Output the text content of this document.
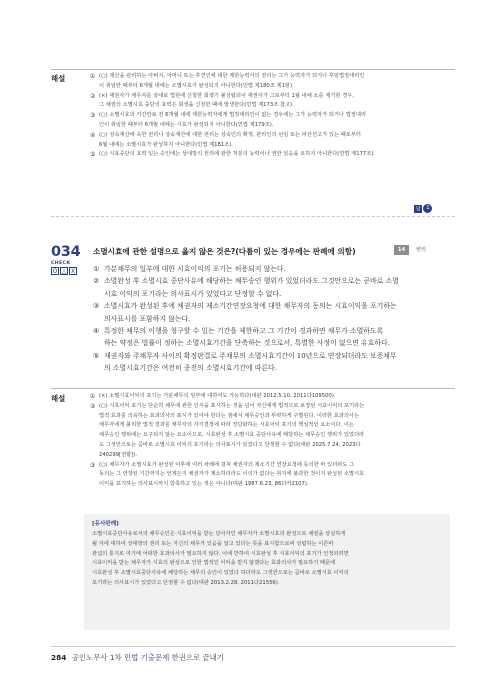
해설	① (○) 재산을 관리하는 아버지, 어머니 또는 후견인에 대한 제한능력자의 권리는 그가 능력자가 되거나 후임법정대리인
이 취임한 때부터 6개월 내에는 소멸시효가 완성되지 아니한다(민법 제180조 제1항).
② (×) 재권자가 채무자를 상대로 법원에 신청한 회생기 불성립되어 재권자가 그로부터 1월 내에 소를 제기한 경우,
그 채권의 소멸시효 중단의 효력은 회생을 신청한 때에 발생한다(민법 제173조 참고).
③ (○) 소멸시효의 기간만료 전 6개월 내에 제한능력자에게 법정대리인이 없는 경우에는 그가 능력자가 되거나 법정대리
인이 취임한 때부터 6개월 내에는 시효가 완성되지 아니한다(민법 제179조).
④ (○) 상속재산에 속한 권리나 상속재산에 대한 권리는 상속인의 확정, 관리인의 선임 또는 파산선고가 있는 때로부터
6월 내에는 소멸시효가 완성하지 아니한다(민법 제181조).
⑤ (○) 시효중단의 효력 있는 승인에는 상대방의 권리에 관한 처분의 능력이나 권한 있음을 요하지 아니한다(민법 제177조).
답	1
034
CHECK
O △ X
소멸시효에 관한 설명으로 옳지 않은 것은?(다툼이 있는 경우에는 판례에 의함)	14	변리
① 가분채무의 일부에 대한 시효이익의 포기는 허용되지 않는다.
② 소멸완성 후 소멸시효 중단사유에 해당하는 채무승인 행위가 있었더라도 그것만으로는 곧바로 소멸
시효 이익의 포기라는 의사표시가 있었다고 단정할 수 없다.
③ 소멸시효가 완성된 후에 채권자의 제소기간연장요청에 대한 채무자의 동의는 시효이익을 포기하는
의사표시를 포함하지 않는다.
④ 특정한 채무의 이행을 청구할 수 있는 기간을 제한하고 그 기간이 경과하면 채무가 소멸하도록
하는 약정은 법률이 정하는 소멸시효기간을 단축하는 것으로서, 특별한 사정이 없으면 유효하다.
⑤ 재권자와 주채무자 사이의 확정판결로 주채무의 소멸시효기간이 10년으로 연장되더라도 보증채무
의 소멸시효기간은 여전히 종전의 소멸시효기간에 따른다.
해설	① (×) 소멸시효이익의 포기는 가분채무의 일부에 대하여도 가능하다(대판 2012.5.10, 2011다109500).
② (○) 시효이익 포기는 단순히 채무에 관한 인식을 표시하는 것을 넘어 자신에게 법적으로 보장된 시효이익의 포기라는
법적 효과를 의욕하는 효과의사의 표시가 있어야 한다는 점에서 채무승인과 뚜렷하게 구별된다. 이러한 효과의사는
채무자에게 불리한 법적 결과를 채무자의 자기결정에 따라 정당화하는 시효이익 포기의 핵심적인 요소이다. 이는
채무승인 행위에는 요구되지 않는 요소이므로, 시효완성 후 소멸시효 중단사유에 해당하는 채무승인 행위가 있었더라
도 그것만으로는 곧바로 소멸시효 이익의 포기라는 의사표시가 있었다고 단정할 수 없다(대판 2025.7.24, 2023다
240299[전합]).
③ (○) 채무자가 소멸시효가 완성된 이후에 여러 차례에 걸쳐 채권자의 제소기간 연장요청에 동의한 바 있더라도 그
동의는 그 연장된 기간까지는 언제든지 채권자가 제소하더라도 이의가 없다는 취지에 불과한 것이지 완성된 소멸시효
이익을 포기하는 의사표시까지 함축하고 있는 것은 아니다(대판 1987.6.23, 86다카2107).
[유사판례]
소멸시효중단사유로서의 채무승인은 시효이익을 받는 당사자인 채무자가 소멸시효의 완성으로 채권을 상실하게
될 자에 대하여 상대방의 권리 또는 자신의 채무가 있음을 알고 있다는 뜻을 표시함으로써 성립하는 이른바
관념의 통지로 여기에 어떠한 효과의사가 필요하지 않다. 이에 반하여 시효완성 후 시효이익의 포기가 인정되려면
시효이익을 받는 채무자가 시효의 완성으로 인한 법적인 이익을 받지 않겠다는 효과의사가 필요하기 때문에
시효완성 후 소멸시효중단사유에 해당하는 채무의 승인이 있었다 하더라도 그것만으로는 곧바로 소멸시효 이익의
포기라는 의사표시가 있었다고 단정할 수 없다(대판 2013.2.28, 2011다21556).
284 공인노무사 1차 민법 기출문제 한권으로 끝내기
